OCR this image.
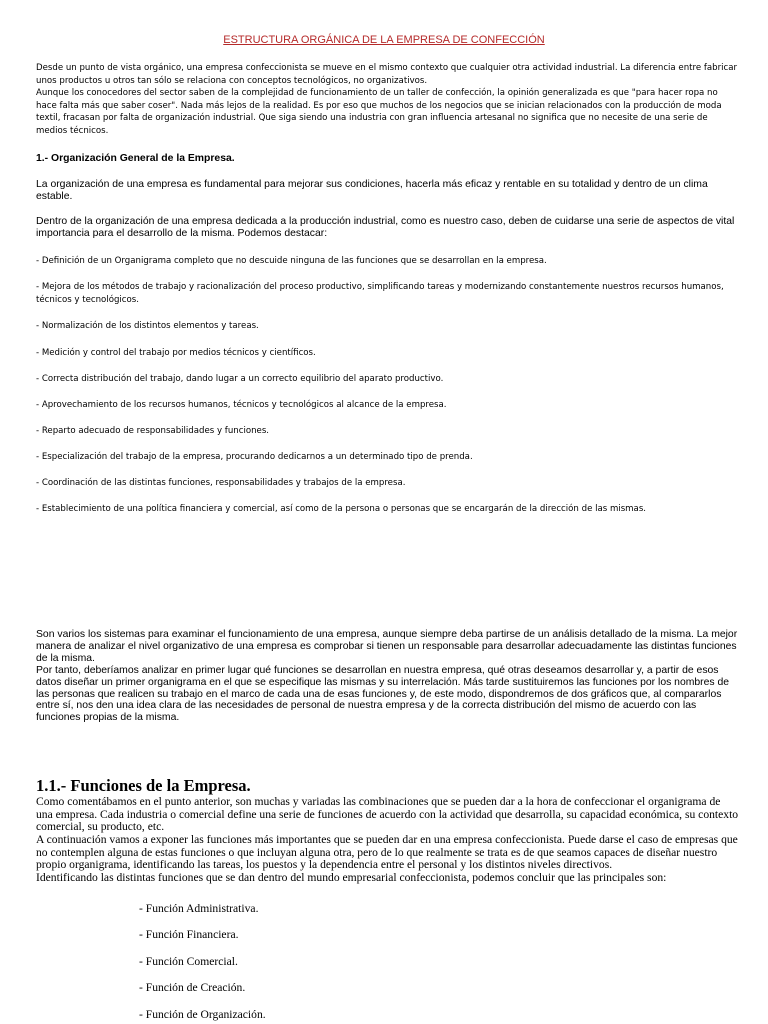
ESTRUCTURA ORGÁNICA DE LA EMPRESA DE CONFECCIÓN
Desde un punto de vista orgánico, una empresa confeccionista se mueve en el mismo contexto que cualquier otra actividad industrial. La diferencia entre fabricar unos productos u otros tan sólo se relaciona con conceptos tecnológicos, no organizativos.
Aunque los conocedores del sector saben de la complejidad de funcionamiento de un taller de confección, la opinión generalizada es que "para hacer ropa no hace falta más que saber coser". Nada más lejos de la realidad. Es por eso que muchos de los negocios que se inician relacionados con la producción de moda textil, fracasan por falta de organización industrial. Que siga siendo una industria con gran influencia artesanal no significa que no necesite de una serie de medios técnicos.
1.- Organización General de la Empresa.
La organización de una empresa es fundamental para mejorar sus condiciones, hacerla más eficaz y rentable en su totalidad y dentro de un clima estable.
Dentro de la organización de una empresa dedicada a la producción industrial, como es nuestro caso, deben de cuidarse una serie de aspectos de vital importancia para el desarrollo de la misma. Podemos destacar:
- Definición de un Organigrama completo que no descuide ninguna de las funciones que se desarrollan en la empresa.
- Mejora de los métodos de trabajo y racionalización del proceso productivo, simplificando tareas y modernizando constantemente nuestros recursos humanos, técnicos y tecnológicos.
- Normalización de los distintos elementos y tareas.
- Medición y control del trabajo por medios técnicos y científicos.
- Correcta distribución del trabajo, dando lugar a un correcto equilibrio del aparato productivo.
- Aprovechamiento de los recursos humanos, técnicos y tecnológicos al alcance de la empresa.
- Reparto adecuado de responsabilidades y funciones.
- Especialización del trabajo de la empresa, procurando dedicarnos a un determinado tipo de prenda.
- Coordinación de las distintas funciones, responsabilidades y trabajos de la empresa.
- Establecimiento de una política financiera y comercial, así como de la persona o personas que se encargarán de la dirección de las mismas.
Son varios los sistemas para examinar el funcionamiento de una empresa, aunque siempre deba partirse de un análisis detallado de la misma. La mejor manera de analizar el nivel organizativo de una empresa es comprobar si tienen un responsable para desarrollar adecuadamente las distintas funciones de la misma.
Por tanto, deberíamos analizar en primer lugar qué funciones se desarrollan en nuestra empresa, qué otras deseamos desarrollar y, a partir de esos datos diseñar un primer organigrama en el que se especifique las mismas y su interrelación. Más tarde sustituiremos las funciones por los nombres de las personas que realicen su trabajo en el marco de cada una de esas funciones y, de este modo, dispondremos de dos gráficos que, al compararlos entre sí, nos den una idea clara de las necesidades de personal de nuestra empresa y de la correcta distribución del mismo de acuerdo con las funciones propias de la misma.
1.1.- Funciones de la Empresa.
Como comentábamos en el punto anterior, son muchas y variadas las combinaciones que se pueden dar a la hora de confeccionar el organigrama de una empresa. Cada industria o comercial define una serie de funciones de acuerdo con la actividad que desarrolla, su capacidad económica, su contexto comercial, su producto, etc.
A continuación vamos a exponer las funciones más importantes que se pueden dar en una empresa confeccionista. Puede darse el caso de empresas que no contemplen alguna de estas funciones o que incluyan alguna otra, pero de lo que realmente se trata es de que seamos capaces de diseñar nuestro propio organigrama, identificando las tareas, los puestos y la dependencia entre el personal y los distintos niveles directivos.
Identificando las distintas funciones que se dan dentro del mundo empresarial confeccionista, podemos concluir que las principales son:
- Función Administrativa.
- Función Financiera.
- Función Comercial.
- Función de Creación.
- Función de Organización.
